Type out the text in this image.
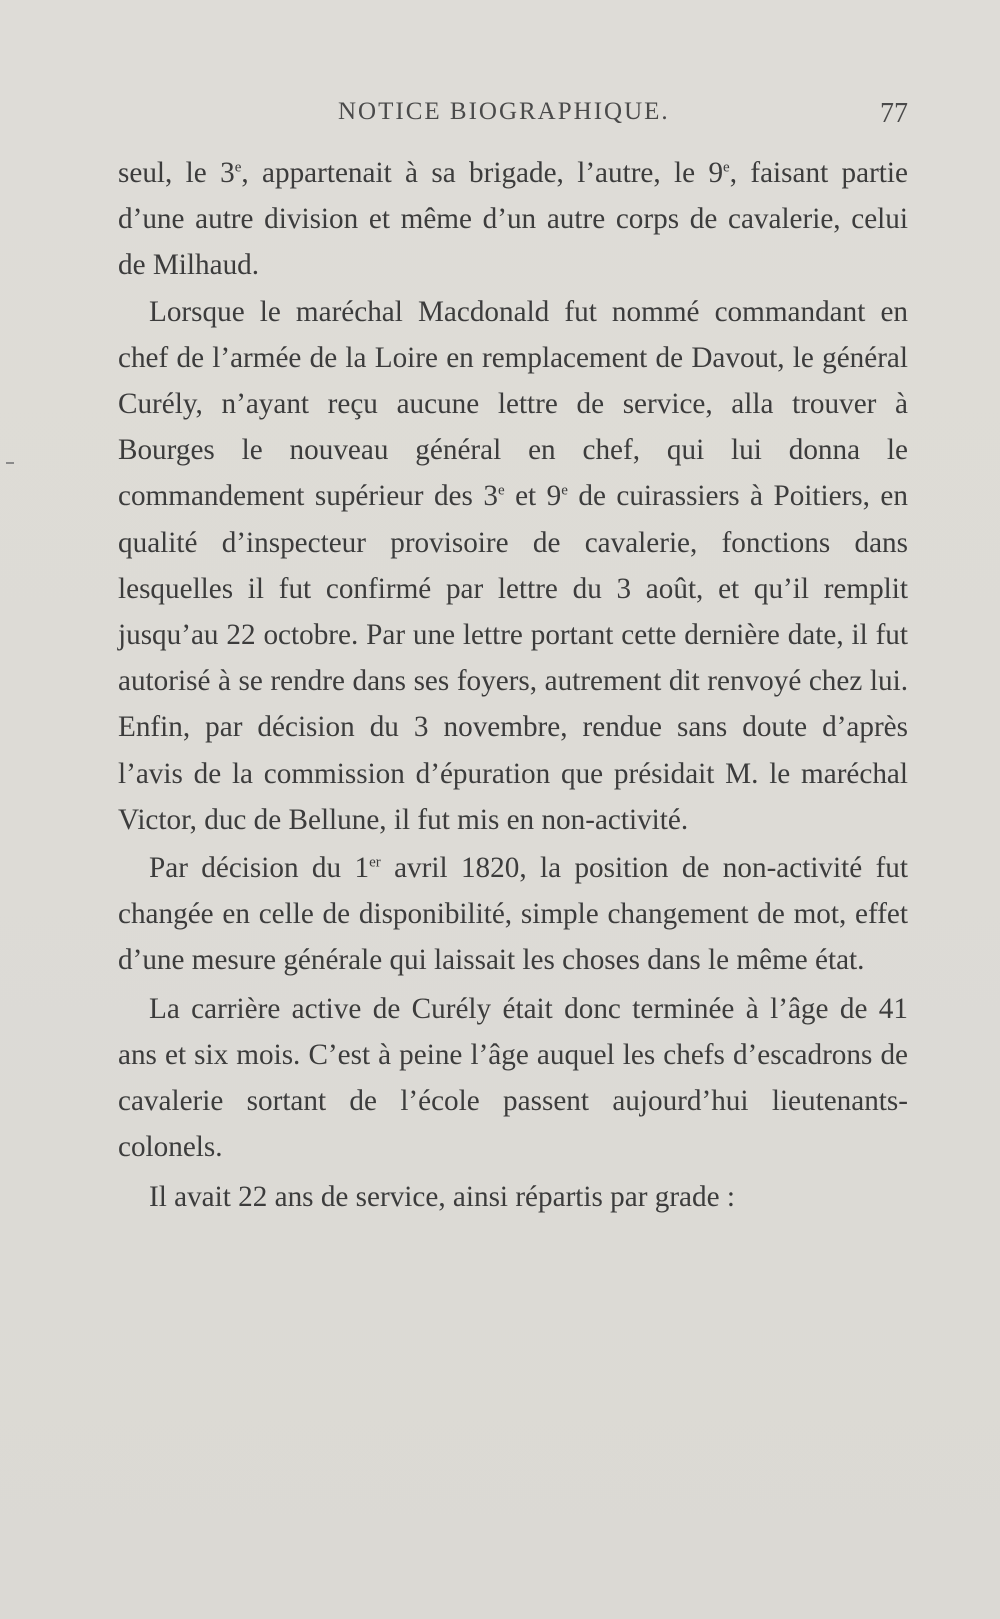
NOTICE BIOGRAPHIQUE.	77

seul, le 3e, appartenait à sa brigade, l’autre, le 9e, faisant partie d’une autre division et même d’un autre corps de cavalerie, celui de Milhaud.

Lorsque le maréchal Macdonald fut nommé commandant en chef de l’armée de la Loire en remplacement de Davout, le général Curély, n’ayant reçu aucune lettre de service, alla trouver à Bourges le nouveau général en chef, qui lui donna le commandement supérieur des 3e et 9e de cuirassiers à Poitiers, en qualité d’inspecteur provisoire de cavalerie, fonctions dans lesquelles il fut confirmé par lettre du 3 août, et qu’il remplit jusqu’au 22 octobre. Par une lettre portant cette dernière date, il fut autorisé à se rendre dans ses foyers, autrement dit renvoyé chez lui. Enfin, par décision du 3 novembre, rendue sans doute d’après l’avis de la commission d’épuration que présidait M. le maréchal Victor, duc de Bellune, il fut mis en non-activité.

Par décision du 1er avril 1820, la position de non-activité fut changée en celle de disponibilité, simple changement de mot, effet d’une mesure générale qui laissait les choses dans le même état.

La carrière active de Curély était donc terminée à l’âge de 41 ans et six mois. C’est à peine l’âge auquel les chefs d’escadrons de cavalerie sortant de l’école passent aujourd’hui lieutenants-colonels.

Il avait 22 ans de service, ainsi répartis par grade :
